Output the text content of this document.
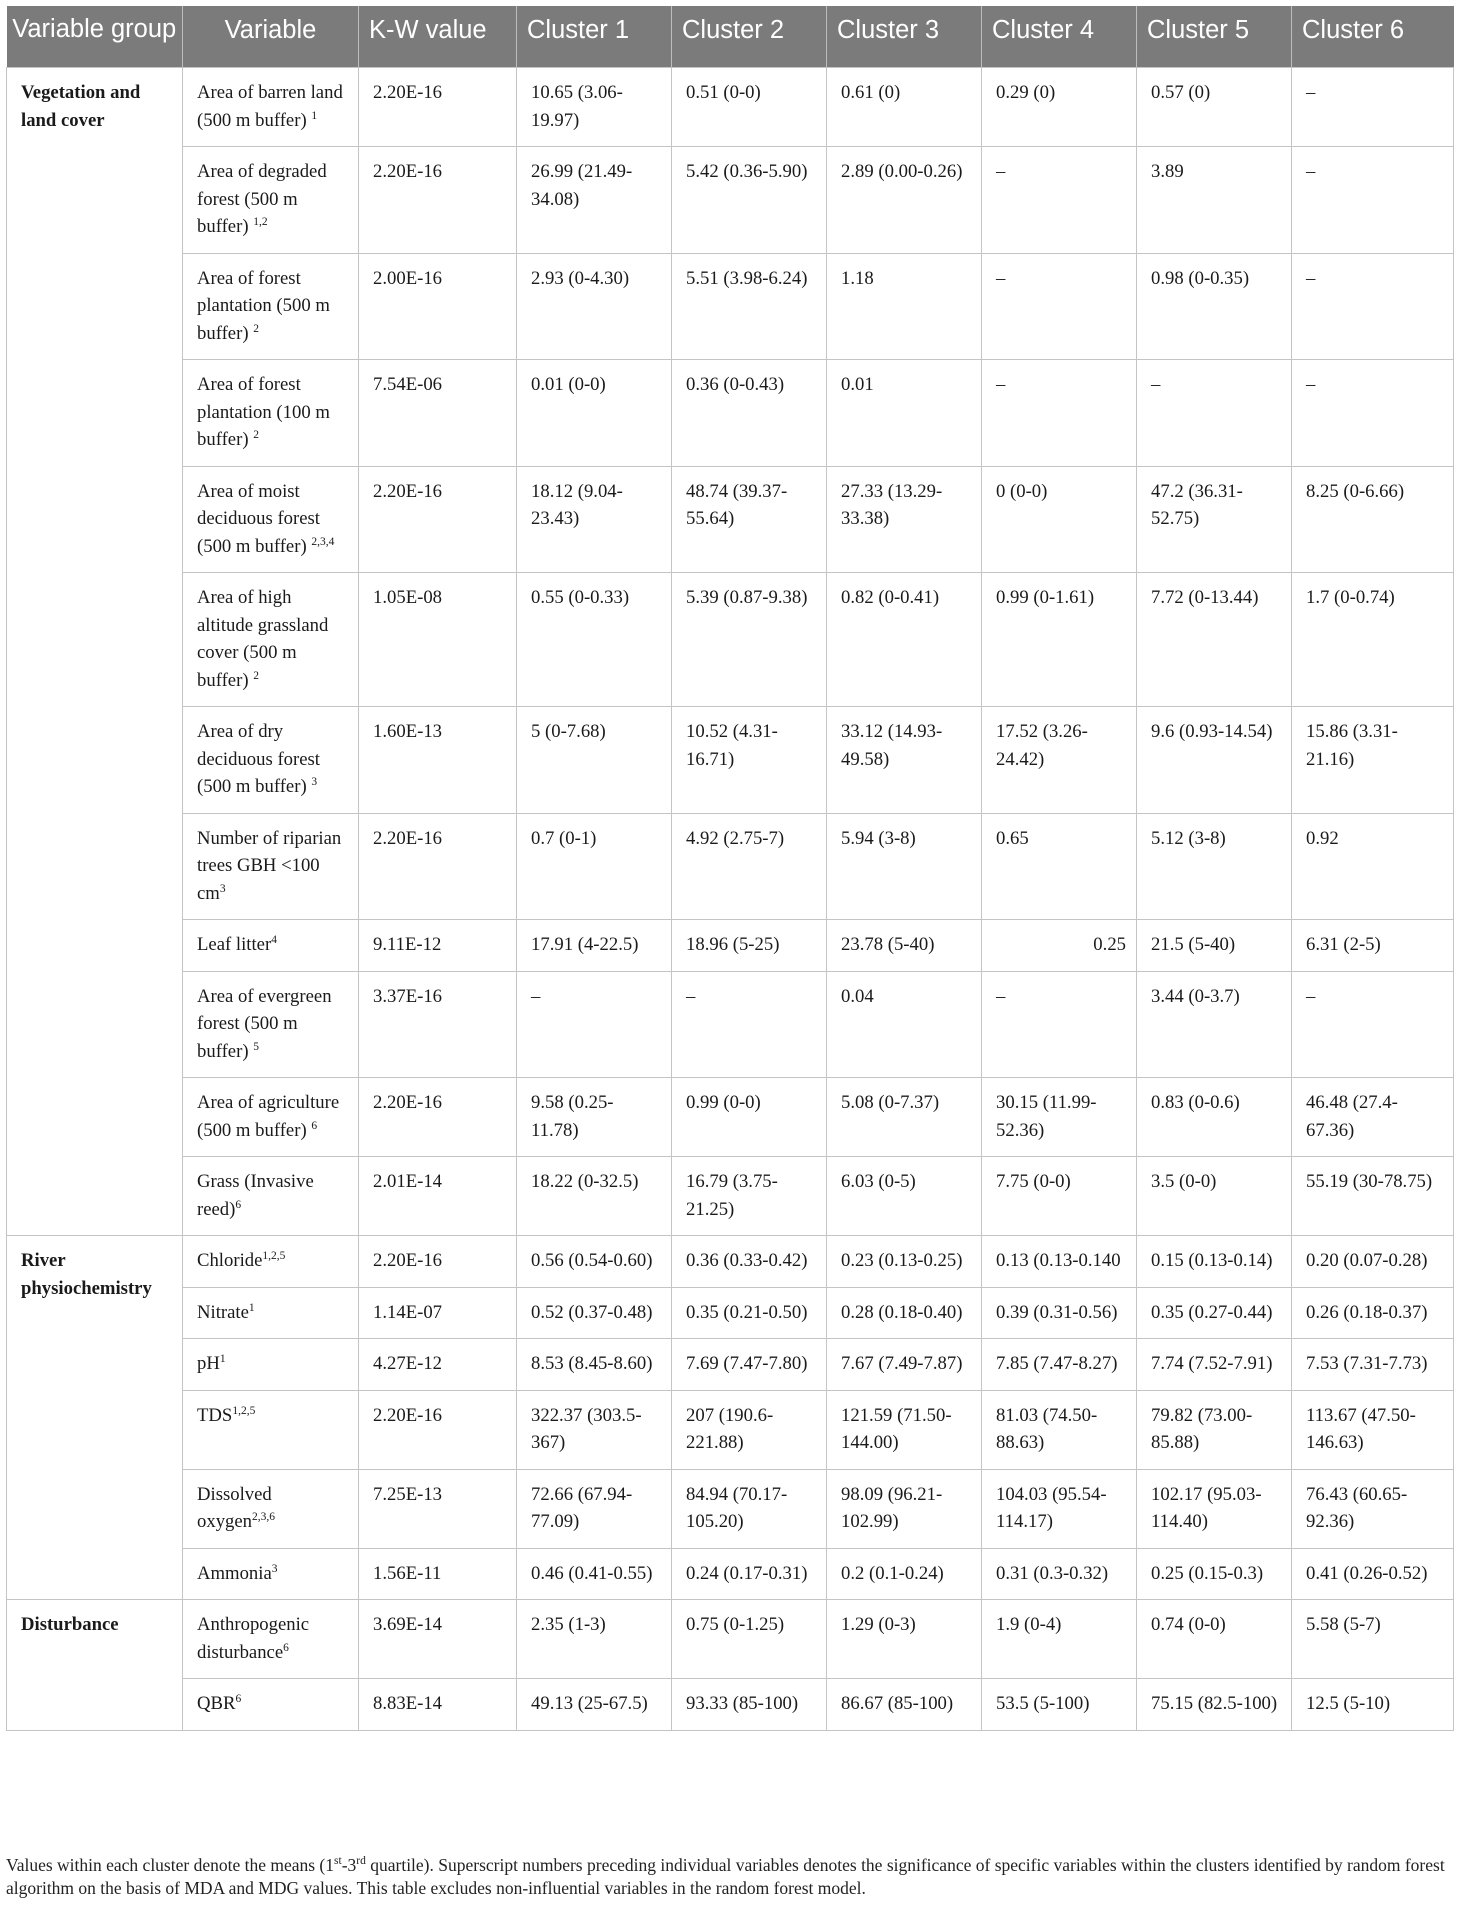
Variable group	Variable	K-W value	Cluster 1	Cluster 2	Cluster 3	Cluster 4	Cluster 5	Cluster 6
Vegetation and land cover	Area of barren land (500 m buffer) $^1$	2.20E-16	10.65 (3.06-19.97)	0.51 (0-0)	0.61 (0)	0.29 (0)	0.57 (0)	–
	Area of degraded forest (500 m buffer) $^{1,2}$	2.20E-16	26.99 (21.49-34.08)	5.42 (0.36-5.90)	2.89 (0.00-0.26)	–	3.89	–
	Area of forest plantation (500 m buffer) $^2$	2.00E-16	2.93 (0-4.30)	5.51 (3.98-6.24)	1.18	–	0.98 (0-0.35)	–
	Area of forest plantation (100 m buffer) $^2$	7.54E-06	0.01 (0-0)	0.36 (0-0.43)	0.01	–	–	–
	Area of moist deciduous forest (500 m buffer) $^{2,3,4}$	2.20E-16	18.12 (9.04-23.43)	48.74 (39.37-55.64)	27.33 (13.29-33.38)	0 (0-0)	47.2 (36.31-52.75)	8.25 (0-6.66)
	Area of high altitude grassland cover (500 m buffer) $^2$	1.05E-08	0.55 (0-0.33)	5.39 (0.87-9.38)	0.82 (0-0.41)	0.99 (0-1.61)	7.72 (0-13.44)	1.7 (0-0.74)
	Area of dry deciduous forest (500 m buffer) $^3$	1.60E-13	5 (0-7.68)	10.52 (4.31-16.71)	33.12 (14.93-49.58)	17.52 (3.26-24.42)	9.6 (0.93-14.54)	15.86 (3.31-21.16)
	Number of riparian trees GBH <100 $cm^3$	2.20E-16	0.7 (0-1)	4.92 (2.75-7)	5.94 (3-8)	0.65	5.12 (3-8)	0.92
	Leaf litter$^4$	9.11E-12	17.91 (4-22.5)	18.96 (5-25)	23.78 (5-40)	0.25	21.5 (5-40)	6.31 (2-5)
	Area of evergreen forest (500 m buffer) $^5$	3.37E-16	–	–	0.04	–	3.44 (0-3.7)	–
	Area of agriculture (500 m buffer) $^6$	2.20E-16	9.58 (0.25-11.78)	0.99 (0-0)	5.08 (0-7.37)	30.15 (11.99-52.36)	0.83 (0-0.6)	46.48 (27.4-67.36)
	Grass (Invasive reed)$^6$	2.01E-14	18.22 (0-32.5)	16.79 (3.75-21.25)	6.03 (0-5)	7.75 (0-0)	3.5 (0-0)	55.19 (30-78.75)
River physiochemistry	Chloride$^{1,2,5}$	2.20E-16	0.56 (0.54-0.60)	0.36 (0.33-0.42)	0.23 (0.13-0.25)	0.13 (0.13-0.140	0.15 (0.13-0.14)	0.20 (0.07-0.28)
	Nitrate$^1$	1.14E-07	0.52 (0.37-0.48)	0.35 (0.21-0.50)	0.28 (0.18-0.40)	0.39 (0.31-0.56)	0.35 (0.27-0.44)	0.26 (0.18-0.37)
	$pH^1$	4.27E-12	8.53 (8.45-8.60)	7.69 (7.47-7.80)	7.67 (7.49-7.87)	7.85 (7.47-8.27)	7.74 (7.52-7.91)	7.53 (7.31-7.73)
	TDS$^{1,2,5}$	2.20E-16	322.37 (303.5-367)	207 (190.6-221.88)	121.59 (71.50-144.00)	81.03 (74.50-88.63)	79.82 (73.00-85.88)	113.67 (47.50-146.63)
	Dissolved oxygen$^{2,3,6}$	7.25E-13	72.66 (67.94-77.09)	84.94 (70.17-105.20)	98.09 (96.21-102.99)	104.03 (95.54-114.17)	102.17 (95.03-114.40)	76.43 (60.65-92.36)
	Ammonia$^3$	1.56E-11	0.46 (0.41-0.55)	0.24 (0.17-0.31)	0.2 (0.1-0.24)	0.31 (0.3-0.32)	0.25 (0.15-0.3)	0.41 (0.26-0.52)
Disturbance	Anthropogenic disturbance$^6$	3.69E-14	2.35 (1-3)	0.75 (0-1.25)	1.29 (0-3)	1.9 (0-4)	0.74 (0-0)	5.58 (5-7)
	QBR$^6$	8.83E-14	49.13 (25-67.5)	93.33 (85-100)	86.67 (85-100)	53.5 (5-100)	75.15 (82.5-100)	12.5 (5-10)
Values within each cluster denote the means (1st-3rd quartile). Superscript numbers preceding individual variables denotes the significance of specific variables within the clusters identified by random forest algorithm on the basis of MDA and MDG values. This table excludes non-influential variables in the random forest model.
